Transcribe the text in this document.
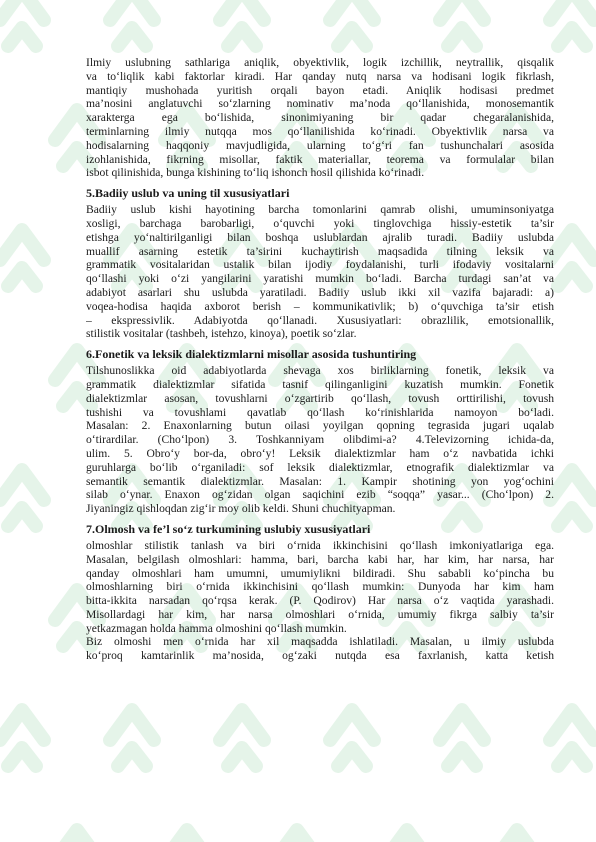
Ilmiy uslubning sathlariga aniqlik, obyektivlik, logik izchillik, neytrallik, qisqalik
va to‘liqlik kabi faktorlar kiradi. Har qanday nutq narsa va hodisani logik fikrlash,
mantiqiy mushohada yuritish orqali bayon etadi. Aniqlik hodisasi predmet
ma’nosini anglatuvchi so‘zlarning nominativ ma’noda qo‘llanishida, monosemantik
xarakterga ega bo‘lishida, sinonimiyaning bir qadar chegaralanishida,
terminlarning ilmiy nutqqa mos qo‘llanilishida ko‘rinadi. Obyektivlik narsa va
hodisalarning haqqoniy mavjudligida, ularning to‘g‘ri fan tushunchalari asosida
izohlanishida, fikrning misollar, faktik materiallar, teorema va formulalar bilan
isbot qilinishida, bunga kishining to‘liq ishonch hosil qilishida ko‘rinadi.
5.Badiiy uslub va uning til xususiyatlari
Badiiy uslub kishi hayotining barcha tomonlarini qamrab olishi, umuminsoniyatga
xosligi, barchaga barobarligi, o‘quvchi yoki tinglovchiga hissiy-estetik ta’sir
etishga yo‘naltirilganligi bilan boshqa uslublardan ajralib turadi. Badiiy uslubda
muallif asarning estetik ta’sirini kuchaytirish maqsadida tilning leksik va
grammatik vositalaridan ustalik bilan ijodiy foydalanishi, turli ifodaviy vositalarni
qo‘llashi yoki o‘zi yangilarini yaratishi mumkin bo‘ladi. Barcha turdagi san’at va
adabiyot asarlari shu uslubda yaratiladi. Badiiy uslub ikki xil vazifa bajaradi: a)
voqea-hodisa haqida axborot berish – kommunikativlik; b) o‘quvchiga ta’sir etish
– ekspressivlik. Adabiyotda qo‘llanadi. Xususiyatlari: obrazlilik, emotsionallik,
stilistik vositalar (tashbeh, istehzo, kinoya), poetik so‘zlar.
6.Fonetik va leksik dialektizmlarni misollar asosida tushuntiring
Tilshunoslikka oid adabiyotlarda shevaga xos birliklarning fonetik, leksik va
grammatik dialektizmlar sifatida tasnif qilinganligini kuzatish mumkin. Fonetik
dialektizmlar asosan, tovushlarni o‘zgartirib qo‘llash, tovush orttirilishi, tovush
tushishi va tovushlami qavatlab qo‘llash ko‘rinishlarida namoyon bo‘ladi.
Masalan: 2. Enaxonlarning butun oilasi yoyilgan qopning tegrasida jugari uqalab
o‘tirardilar. (Cho‘lpon) 3. Toshkanniyam olibdimi-a? 4.Televizorning ichida-da,
ulim. 5. Obro‘y bor-da, obro‘y! Leksik dialektizmlar ham o‘z navbatida ichki
guruhlarga bo‘lib o‘rganiladi: sof leksik dialektizmlar, etnografik dialektizmlar va
semantik semantik dialektizmlar. Masalan: 1. Kampir shotining yon yog‘ochini
silab o‘ynar. Enaxon og‘zidan olgan saqichini ezib “soqqa” yasar... (Cho‘lpon) 2.
Jiyaningiz qishloqdan zig‘ir moy olib keldi. Shuni chuchityapman.
7.Olmosh va fe’l so‘z turkumining uslubiy xususiyatlari
olmoshlar stilistik tanlash va biri o‘rnida ikkinchisini qo‘llash imkoniyatlariga ega.
Masalan, belgilash olmoshlari: hamma, bari, barcha kabi har, har kim, har narsa, har
qanday olmoshlari ham umumni, umumiylikni bildiradi. Shu sababli ko‘pincha bu
olmoshlarning biri o‘rnida ikkinchisini qo‘llash mumkin: Dunyoda har kim ham
bitta-ikkita narsadan qo‘rqsa kerak. (P. Qodirov) Har narsa o‘z vaqtida yarashadi.
Misollardagi har kim, har narsa olmoshlari o‘rnida, umumiy fikrga salbiy ta’sir
yetkazmagan holda hamma olmoshini qo‘llash mumkin.
Biz olmoshi men o‘rnida har xil maqsadda ishlatiladi. Masalan, u ilmiy uslubda
ko‘proq kamtarinlik ma’nosida, og‘zaki nutqda esa faxrlanish, katta ketish
